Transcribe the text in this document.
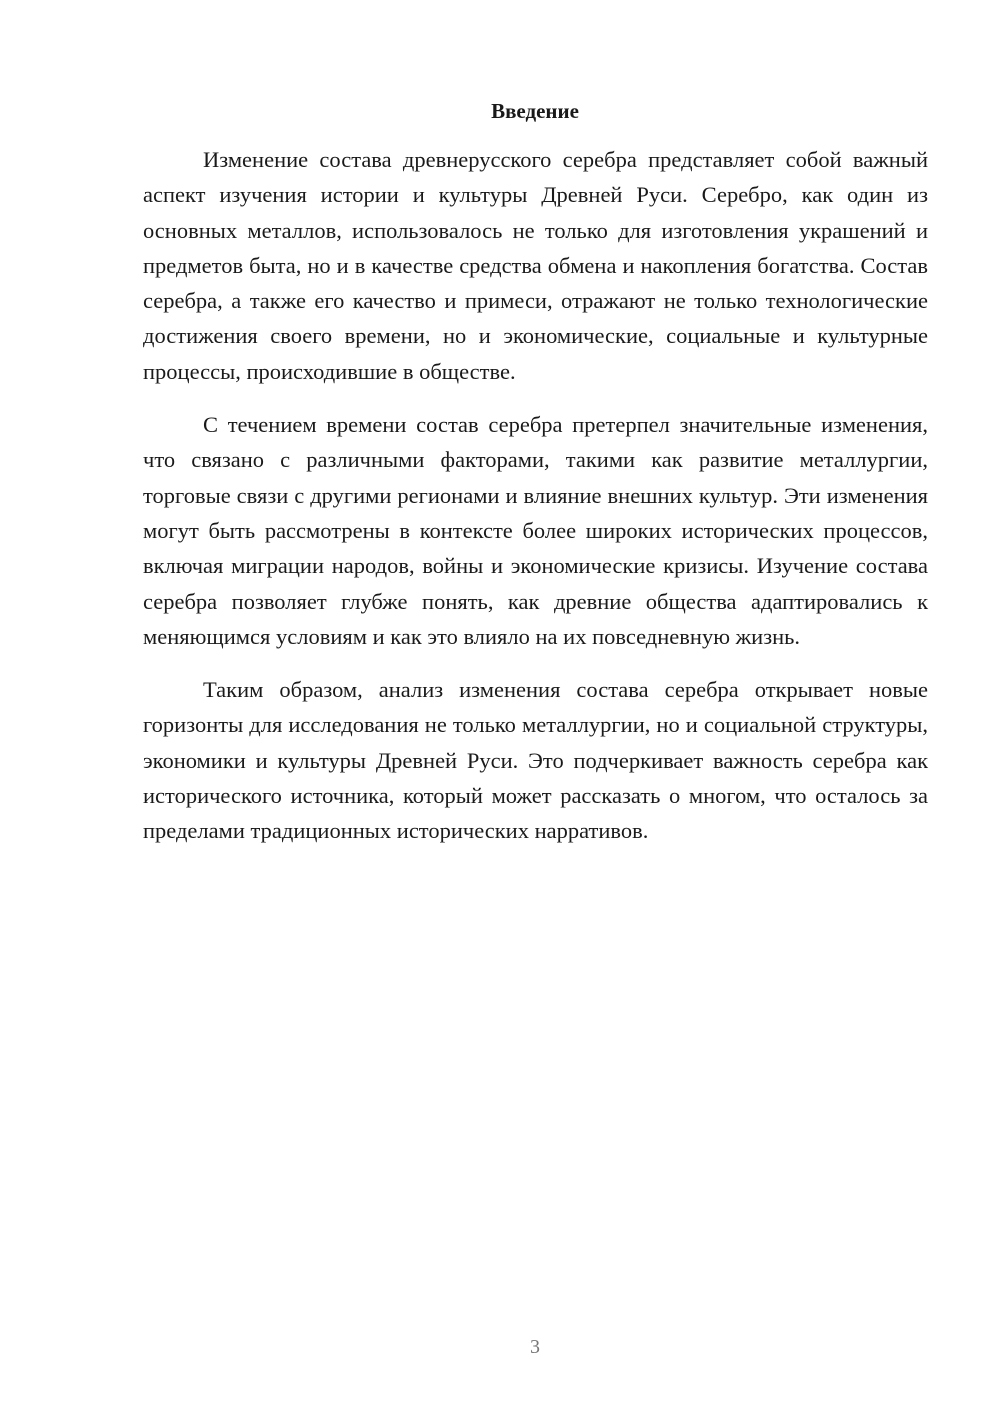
Введение

Изменение состава древнерусского серебра представляет собой важный аспект изучения истории и культуры Древней Руси. Серебро, как один из основных металлов, использовалось не только для изготовления украшений и предметов быта, но и в качестве средства обмена и накопления богатства. Состав серебра, а также его качество и примеси, отражают не только технологические достижения своего времени, но и экономические, социальные и культурные процессы, происходившие в обществе.

С течением времени состав серебра претерпел значительные изменения, что связано с различными факторами, такими как развитие металлургии, торговые связи с другими регионами и влияние внешних культур. Эти изменения могут быть рассмотрены в контексте более широких исторических процессов, включая миграции народов, войны и экономические кризисы. Изучение состава серебра позволяет глубже понять, как древние общества адаптировались к меняющимся условиям и как это влияло на их повседневную жизнь.

Таким образом, анализ изменения состава серебра открывает новые горизонты для исследования не только металлургии, но и социальной структуры, экономики и культуры Древней Руси. Это подчеркивает важность серебра как исторического источника, который может рассказать о многом, что осталось за пределами традиционных исторических нарративов.

3
